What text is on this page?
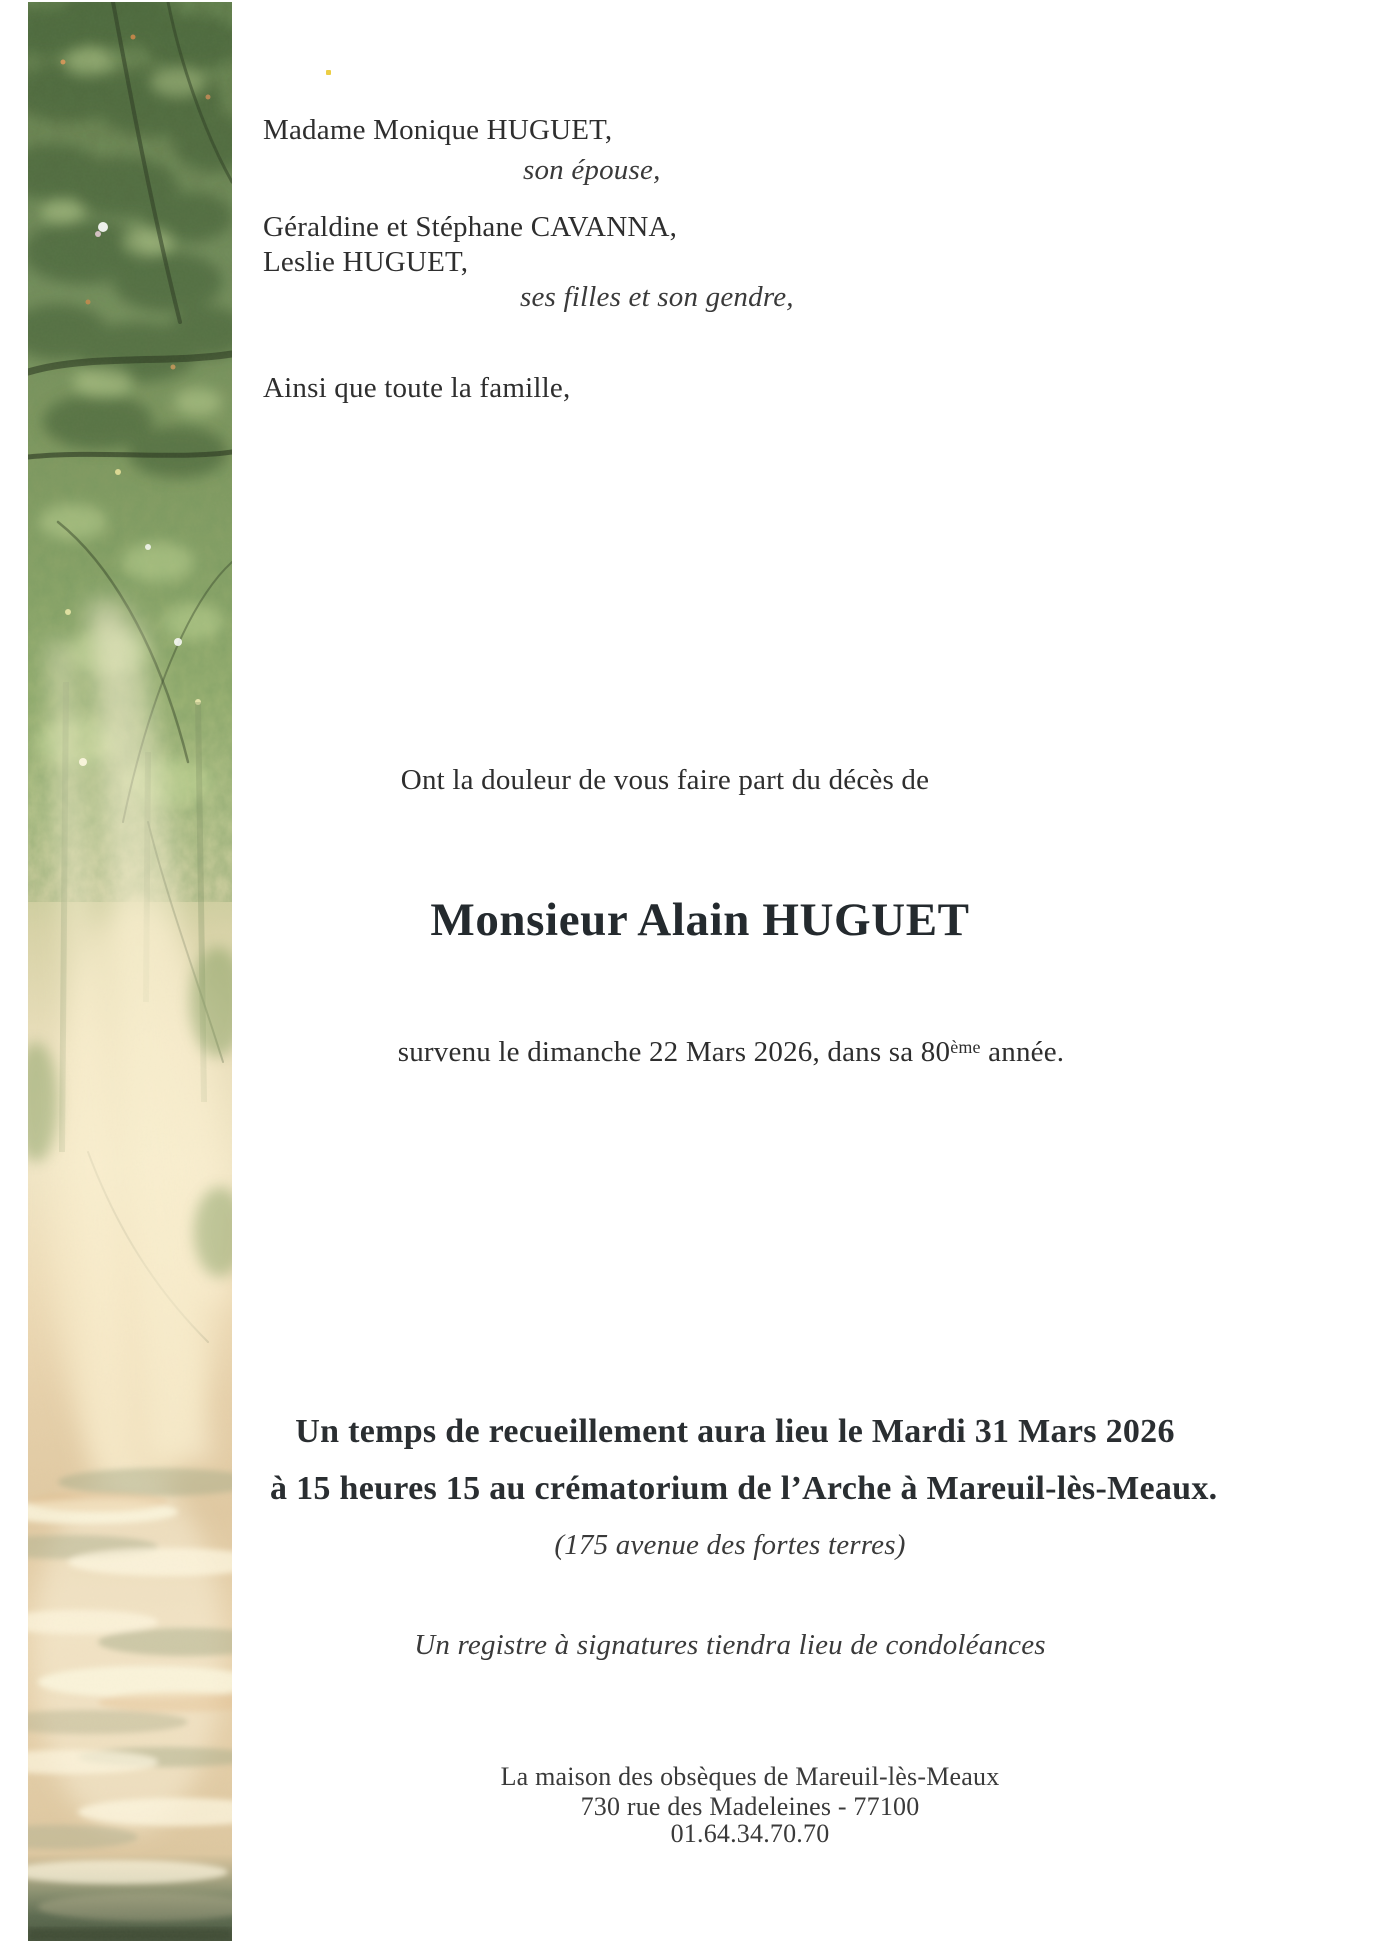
Madame Monique HUGUET,
son épouse,
Géraldine et Stéphane CAVANNA,
Leslie HUGUET,
ses filles et son gendre,
Ainsi que toute la famille,
Ont la douleur de vous faire part du décès de
Monsieur Alain HUGUET
survenu le dimanche 22 Mars 2026, dans sa 80ème année.
Un temps de recueillement aura lieu le Mardi 31 Mars 2026
à 15 heures 15 au crématorium de l’Arche à Mareuil-lès-Meaux.
(175 avenue des fortes terres)
Un registre à signatures tiendra lieu de condoléances
La maison des obsèques de Mareuil-lès-Meaux
730 rue des Madeleines - 77100
01.64.34.70.70
